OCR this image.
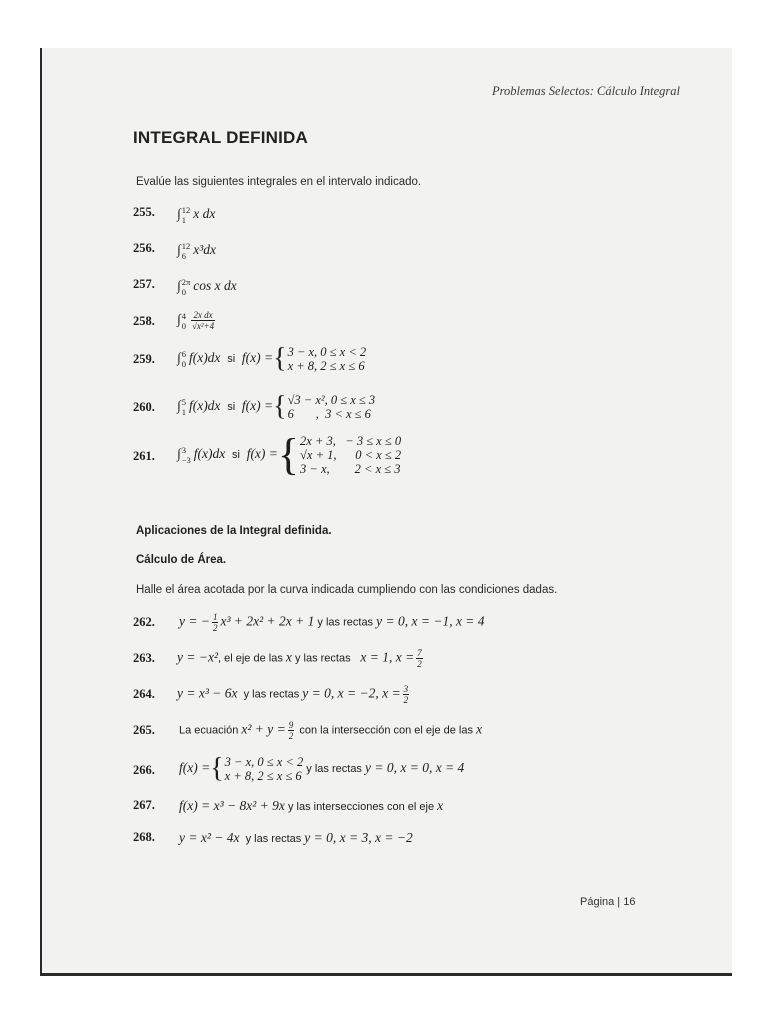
Problemas Selectos: Cálculo Integral
INTEGRAL DEFINIDA
Evalúe las siguientes integrales en el intervalo indicado.
255. ∫ 12
1 x dx
256. ∫ 12
6 x³dx
257. ∫ 2π
0 cos x dx
258. ∫ 4
$0 \frac{\text{2x dx}}{\text{√x²+4}}$
259. ∫ 6
0 f(x)dx si f(x) ={ 3 − x, 0 ≤ x < 2
x + 8, 2 ≤ x ≤ 6
260. ∫ 5
1 f(x)dx si f(x) ={ √3 − x², 0 ≤ x ≤ 3
6       ,  3 < x ≤ 6
261. ∫ 3
−3 f(x)dx si f(x) ={ 2x + 3,   − 3 ≤ x ≤ 0
√x + 1,      0 < x ≤ 2
3 − x,        2 < x ≤ 3
Aplicaciones de la Integral definida.
Cálculo de Área.
Halle el área acotada por la curva indicada cumpliendo con las condiciones dadas.
262. y = − $\frac{1}{2} x^3 + 2x^2 + 2x + 1$ y las rectas y = 0, x = −1, x = 4
263. y = −x², el eje de las x y las rectas   x = 1, $x = \frac{7}{2}$
264. y = x³ − 6x  y las rectas y = 0, x = −2, $x = \frac{3}{2}$
265. La ecuación $x^2 + y = \frac{9}{2}$ con la intersección con el eje de las x
266. f(x) ={ 3 − x, 0 ≤ x < 2
x + 8, 2 ≤ x ≤ 6 y las rectas y = 0, x = 0, x = 4
267. f(x) = x³ − 8x² + 9x y las intersecciones con el eje x
268. y = x² − 4x  y las rectas y = 0, x = 3, x = −2
Página | 16
